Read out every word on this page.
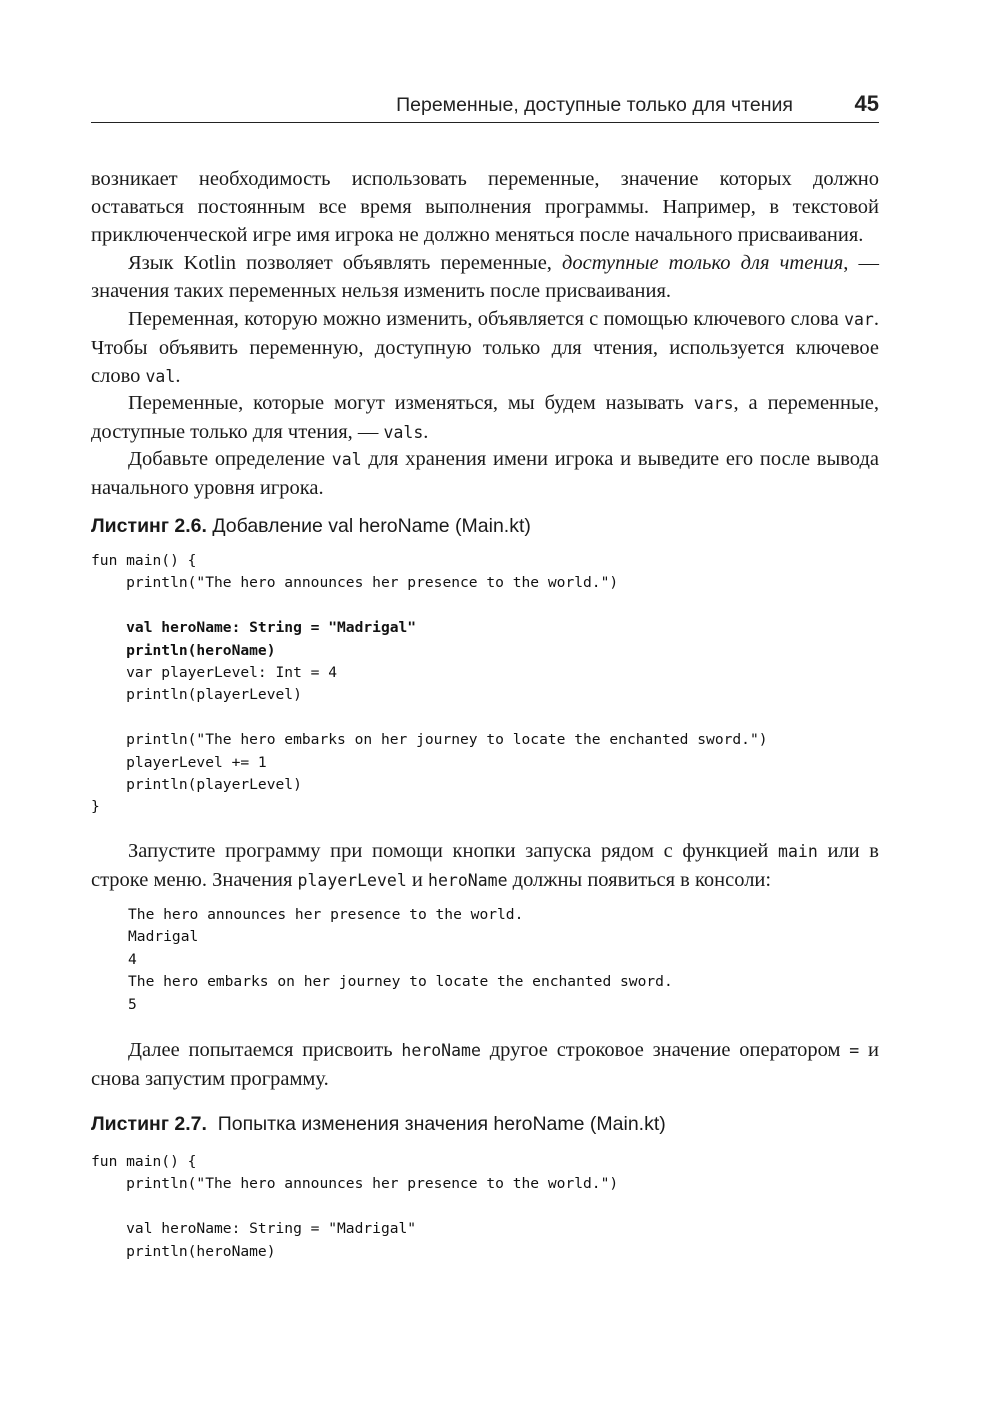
Переменные, доступные только для чтения	45

возникает необходимость использовать переменные, значение которых должно оставаться постоянным все время выполнения программы. Например, в текстовой приключенческой игре имя игрока не должно меняться после начального присваивания.

Язык Kotlin позволяет объявлять переменные, доступные только для чтения, — значения таких переменных нельзя изменить после присваивания.

Переменная, которую можно изменить, объявляется с помощью ключевого слова var. Чтобы объявить переменную, доступную только для чтения, используется ключевое слово val.

Переменные, которые могут изменяться, мы будем называть vars, а переменные, доступные только для чтения, — vals.

Добавьте определение val для хранения имени игрока и выведите его после вывода начального уровня игрока.

Листинг 2.6. Добавление val heroName (Main.kt)
fun main() {
println("The hero announces her presence to the world.")
val heroName: String = "Madrigal"
println(heroName)
var playerLevel: Int = 4
println(playerLevel)
println("The hero embarks on her journey to locate the enchanted sword.")
playerLevel += 1
println(playerLevel)
}

Запустите программу при помощи кнопки запуска рядом с функцией main или в строке меню. Значения playerLevel и heroName должны появиться в консоли:

The hero announces her presence to the world.
Madrigal
4
The hero embarks on her journey to locate the enchanted sword.
5

Далее попытаемся присвоить heroName другое строковое значение оператором = и снова запустим программу.

Листинг 2.7.  Попытка изменения значения heroName (Main.kt)
fun main() {
println("The hero announces her presence to the world.")
val heroName: String = "Madrigal"
println(heroName)
